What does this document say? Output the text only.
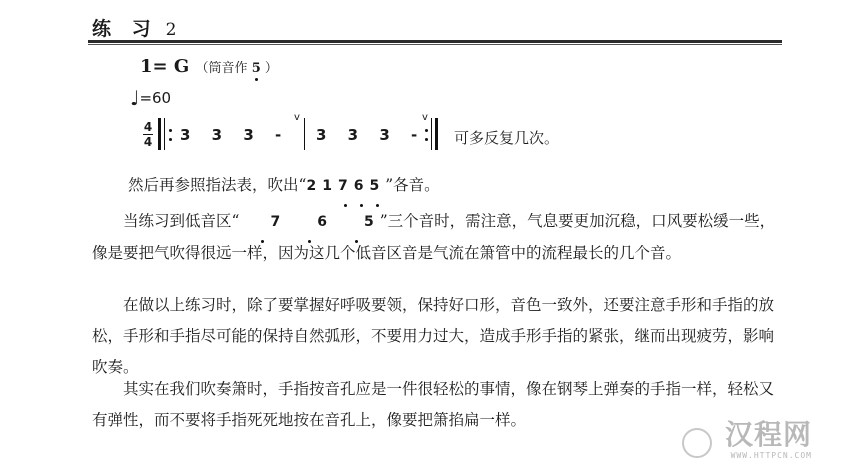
练 习 2
1= G （筒音作 5 ）
♩=60
4
4 3 3 3 -
v
3 3 3 -
v
可多反复几次。
然后再参照指法表，吹出“21765”各音。
当练习到低音区“ 7 6 5”三个音时，需注意，气息要更加沉稳，口风要松缓一些，像是要把气吹得很远一样，因为这几个低音区音是气流在箫管中的流程最长的几个音。
在做以上练习时，除了要掌握好呼吸要领，保持好口形，音色一致外，还要注意手形和手指的放松，手形和手指尽可能的保持自然弧形，不要用力过大，造成手形手指的紧张，继而出现疲劳，影响吹奏。
其实在我们吹奏箫时，手指按音孔应是一件很轻松的事情，像在钢琴上弹奏的手指一样，轻松又有弹性，而不要将手指死死地按在音孔上，像要把箫掐扁一样。	汉程网
WWW.HTTPCN.COM
